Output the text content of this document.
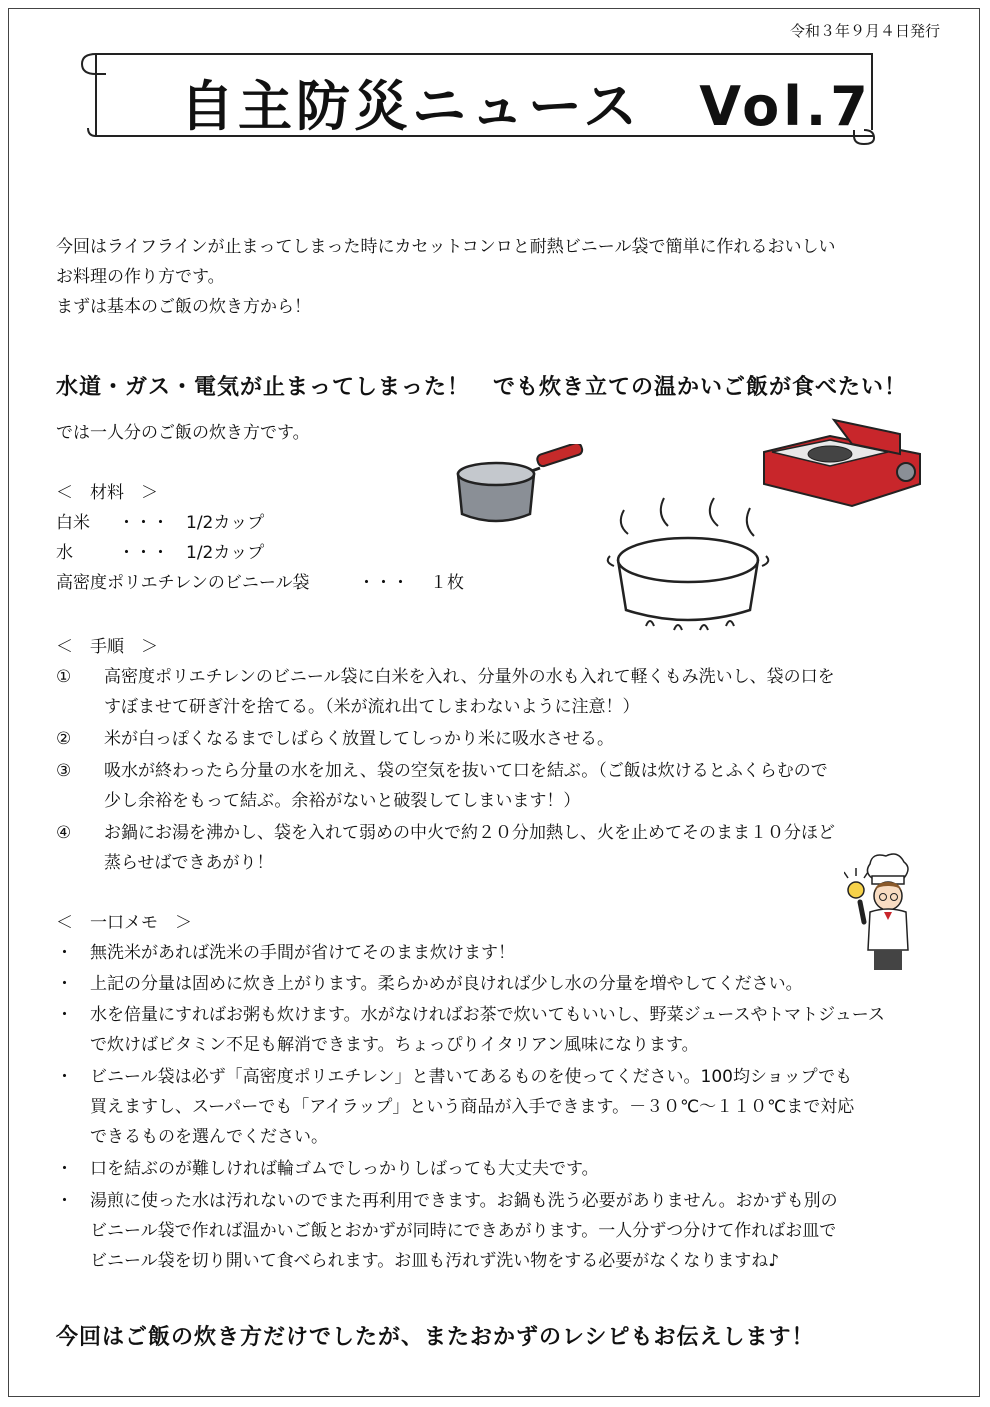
令和３年９月４日発行
自主防災ニュース　Vol.7
今回はライフラインが止まってしまった時にカセットコンロと耐熱ビニール袋で簡単に作れるおいしい
お料理の作り方です。
まずは基本のご飯の炊き方から！
水道・ガス・電気が止まってしまった！　でも炊き立ての温かいご飯が食べたい！
では一人分のご飯の炊き方です。
＜　材料　＞
白米 ・・・ 1/2カップ
水	・・・ 1/2カップ
高密度ポリエチレンのビニール袋	・・・ １枚
＜　手順　＞
① 高密度ポリエチレンのビニール袋に白米を入れ、分量外の水も入れて軽くもみ洗いし、袋の口を
すぼませて研ぎ汁を捨てる。（米が流れ出てしまわないように注意！）
② 米が白っぽくなるまでしばらく放置してしっかり米に吸水させる。
③ 吸水が終わったら分量の水を加え、袋の空気を抜いて口を結ぶ。（ご飯は炊けるとふくらむので
少し余裕をもって結ぶ。余裕がないと破裂してしまいます！）
④ お鍋にお湯を沸かし、袋を入れて弱めの中火で約２０分加熱し、火を止めてそのまま１０分ほど
蒸らせばできあがり！
＜　一口メモ　＞
・ 無洗米があれば洗米の手間が省けてそのまま炊けます！
・ 上記の分量は固めに炊き上がります。柔らかめが良ければ少し水の分量を増やしてください。
・ 水を倍量にすればお粥も炊けます。水がなければお茶で炊いてもいいし、野菜ジュースやトマトジュース
で炊けばビタミン不足も解消できます。ちょっぴりイタリアン風味になります。
・ ビニール袋は必ず「高密度ポリエチレン」と書いてあるものを使ってください。100均ショップでも
買えますし、スーパーでも「アイラップ」という商品が入手できます。－３０℃～１１０℃まで対応
できるものを選んでください。
・ 口を結ぶのが難しければ輪ゴムでしっかりしばっても大丈夫です。
・ 湯煎に使った水は汚れないのでまた再利用できます。お鍋も洗う必要がありません。おかずも別の
ビニール袋で作れば温かいご飯とおかずが同時にできあがります。一人分ずつ分けて作ればお皿で
ビニール袋を切り開いて食べられます。お皿も汚れず洗い物をする必要がなくなりますね♪
今回はご飯の炊き方だけでしたが、またおかずのレシピもお伝えします！
